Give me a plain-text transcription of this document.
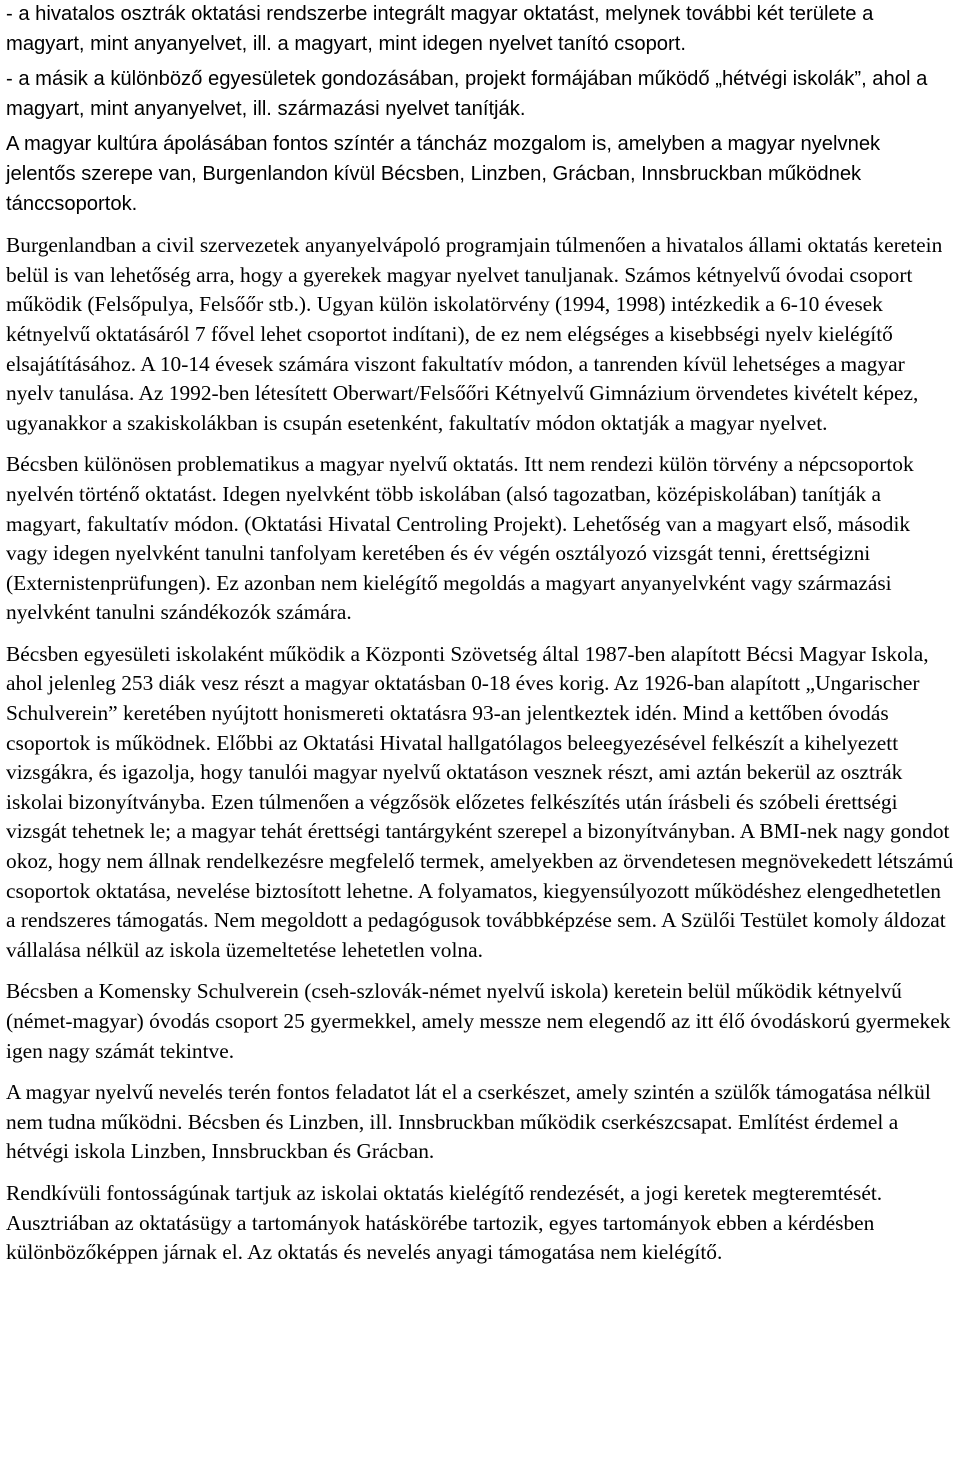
- a hivatalos osztrák oktatási rendszerbe integrált magyar oktatást, melynek további két területe a magyart, mint anyanyelvet, ill. a magyart, mint idegen nyelvet tanító csoport.

- a másik a különböző egyesületek gondozásában, projekt formájában működő „hétvégi iskolák”, ahol a magyart, mint anyanyelvet, ill. származási nyelvet tanítják.

A magyar kultúra ápolásában fontos színtér a táncház mozgalom is, amelyben a magyar nyelvnek jelentős szerepe van, Burgenlandon kívül Bécsben, Linzben, Grácban, Innsbruckban működnek tánccsoportok.

Burgenlandban a civil szervezetek anyanyelvápoló programjain túlmenően a hivatalos állami oktatás keretein belül is van lehetőség arra, hogy a gyerekek magyar nyelvet tanuljanak. Számos kétnyelvű óvodai csoport működik (Felsőpulya, Felsőőr stb.). Ugyan külön iskolatörvény (1994, 1998) intézkedik a 6-10 évesek kétnyelvű oktatásáról 7 fővel lehet csoportot indítani), de ez nem elégséges a kisebbségi nyelv kielégítő elsajátításához. A 10-14 évesek számára viszont fakultatív módon, a tanrenden kívül lehetséges a magyar nyelv tanulása. Az 1992-ben létesített Oberwart/Felsőőri Kétnyelvű Gimnázium örvendetes kivételt képez, ugyanakkor a szakiskolákban is csupán esetenként, fakultatív módon oktatják a magyar nyelvet.

Bécsben különösen problematikus a magyar nyelvű oktatás. Itt nem rendezi külön törvény a népcsoportok nyelvén történő oktatást. Idegen nyelvként több iskolában (alsó tagozatban, középiskolában) tanítják a magyart, fakultatív módon. (Oktatási Hivatal Centroling Projekt). Lehetőség van a magyart első, második vagy idegen nyelvként tanulni tanfolyam keretében és év végén osztályozó vizsgát tenni, érettségizni (Externistenprüfungen). Ez azonban nem kielégítő megoldás a magyart anyanyelvként vagy származási nyelvként tanulni szándékozók számára.

Bécsben egyesületi iskolaként működik a Központi Szövetség által 1987-ben alapított Bécsi Magyar Iskola, ahol jelenleg 253 diák vesz részt a magyar oktatásban 0-18 éves korig. Az 1926-ban alapított „Ungarischer Schulverein” keretében nyújtott honismereti oktatásra 93-an jelentkeztek idén. Mind a kettőben óvodás csoportok is működnek. Előbbi az Oktatási Hivatal hallgatólagos beleegyezésével felkészít a kihelyezett vizsgákra, és igazolja, hogy tanulói magyar nyelvű oktatáson vesznek részt, ami aztán bekerül az osztrák iskolai bizonyítványba. Ezen túlmenően a végzősök előzetes felkészítés után írásbeli és szóbeli érettségi vizsgát tehetnek le; a magyar tehát érettségi tantárgyként szerepel a bizonyítványban. A BMI-nek nagy gondot okoz, hogy nem állnak rendelkezésre megfelelő termek, amelyekben az örvendetesen megnövekedett létszámú csoportok oktatása, nevelése biztosított lehetne. A folyamatos, kiegyensúlyozott működéshez elengedhetetlen a rendszeres támogatás. Nem megoldott a pedagógusok továbbképzése sem. A Szülői Testület komoly áldozat vállalása nélkül az iskola üzemeltetése lehetetlen volna.

Bécsben a Komensky Schulverein (cseh-szlovák-német nyelvű iskola) keretein belül működik kétnyelvű (német-magyar) óvodás csoport 25 gyermekkel, amely messze nem elegendő az itt élő óvodáskorú gyermekek igen nagy számát tekintve.

A magyar nyelvű nevelés terén fontos feladatot lát el a cserkészet, amely szintén a szülők támogatása nélkül nem tudna működni. Bécsben és Linzben, ill. Innsbruckban működik cserkészcsapat. Említést érdemel a hétvégi iskola Linzben, Innsbruckban és Grácban.

Rendkívüli fontosságúnak tartjuk az iskolai oktatás kielégítő rendezését, a jogi keretek megteremtését. Ausztriában az oktatásügy a tartományok hatáskörébe tartozik, egyes tartományok ebben a kérdésben különbözőképpen járnak el. Az oktatás és nevelés anyagi támogatása nem kielégítő.
